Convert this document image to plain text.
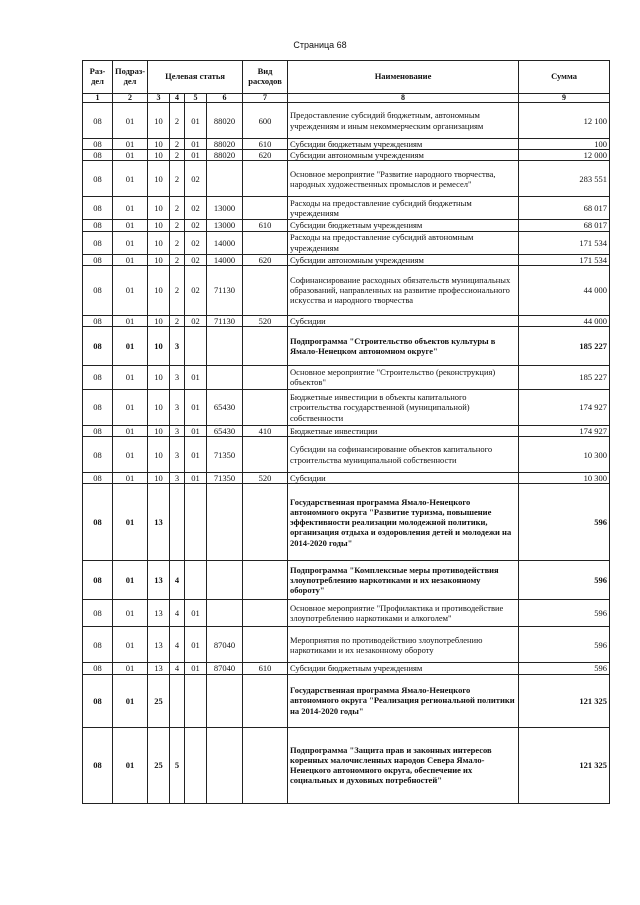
Страница 68
Раз-
дел	Подраз-
дел	Целевая статья				Вид
расходов	Наименование	Сумма
1	2	3	4	5	6	7	8	9
08	01	10	2	01	88020	600	Предоставление субсидий бюджетным, автономным учреждениям и иным некоммерческим организациям	12 100
08	01	10	2	01	88020	610	Субсидии бюджетным учреждениям	100
08	01	10	2	01	88020	620	Субсидии автономным учреждениям	12 000
08	01	10	2	02			Основное мероприятие "Развитие народного творчества, народных художественных промыслов и ремесел"	283 551
08	01	10	2	02	13000		Расходы на предоставление субсидий бюджетным учреждениям	68 017
08	01	10	2	02	13000	610	Субсидии бюджетным учреждениям	68 017
08	01	10	2	02	14000		Расходы на предоставление субсидий автономным учреждениям	171 534
08	01	10	2	02	14000	620	Субсидии автономным учреждениям	171 534
08	01	10	2	02	71130		Софинансирование расходных обязательств муниципальных образований, направленных на развитие профессионального искусства и народного творчества	44 000
08	01	10	2	02	71130	520	Субсидии	44 000
08	01	10	3				Подпрограмма "Строительство объектов культуры в Ямало-Ненецком автономном округе"	185 227
08	01	10	3	01			Основное мероприятие "Строительство (реконструкция) объектов"	185 227
08	01	10	3	01	65430		Бюджетные инвестиции в объекты капитального строительства государственной (муниципальной) собственности	174 927
08	01	10	3	01	65430	410	Бюджетные инвестиции	174 927
08	01	10	3	01	71350		Субсидии на софинансирование объектов капитального строительства муниципальной собственности	10 300
08	01	10	3	01	71350	520	Субсидии	10 300
08	01	13					Государственная программа Ямало-Ненецкого автономного округа "Развитие туризма, повышение эффективности реализации молодежной политики, организация отдыха и оздоровления детей и молодежи на 2014-2020 годы"	596
08	01	13	4				Подпрограмма "Комплексные меры противодействия злоупотреблению наркотиками и их незаконному обороту"	596
08	01	13	4	01			Основное мероприятие "Профилактика и противодействие злоупотреблению наркотиками и алкоголем"	596
08	01	13	4	01	87040		Мероприятия по противодействию злоупотреблению наркотиками и их незаконному обороту	596
08	01	13	4	01	87040	610	Субсидии бюджетным учреждениям	596
08	01	25					Государственная программа Ямало-Ненецкого автономного округа "Реализация региональной политики на 2014-2020 годы"	121 325
08	01	25	5				Подпрограмма "Защита прав и законных интересов коренных малочисленных народов Севера Ямало-Ненецкого автономного округа, обеспечение их социальных и духовных потребностей"	121 325
